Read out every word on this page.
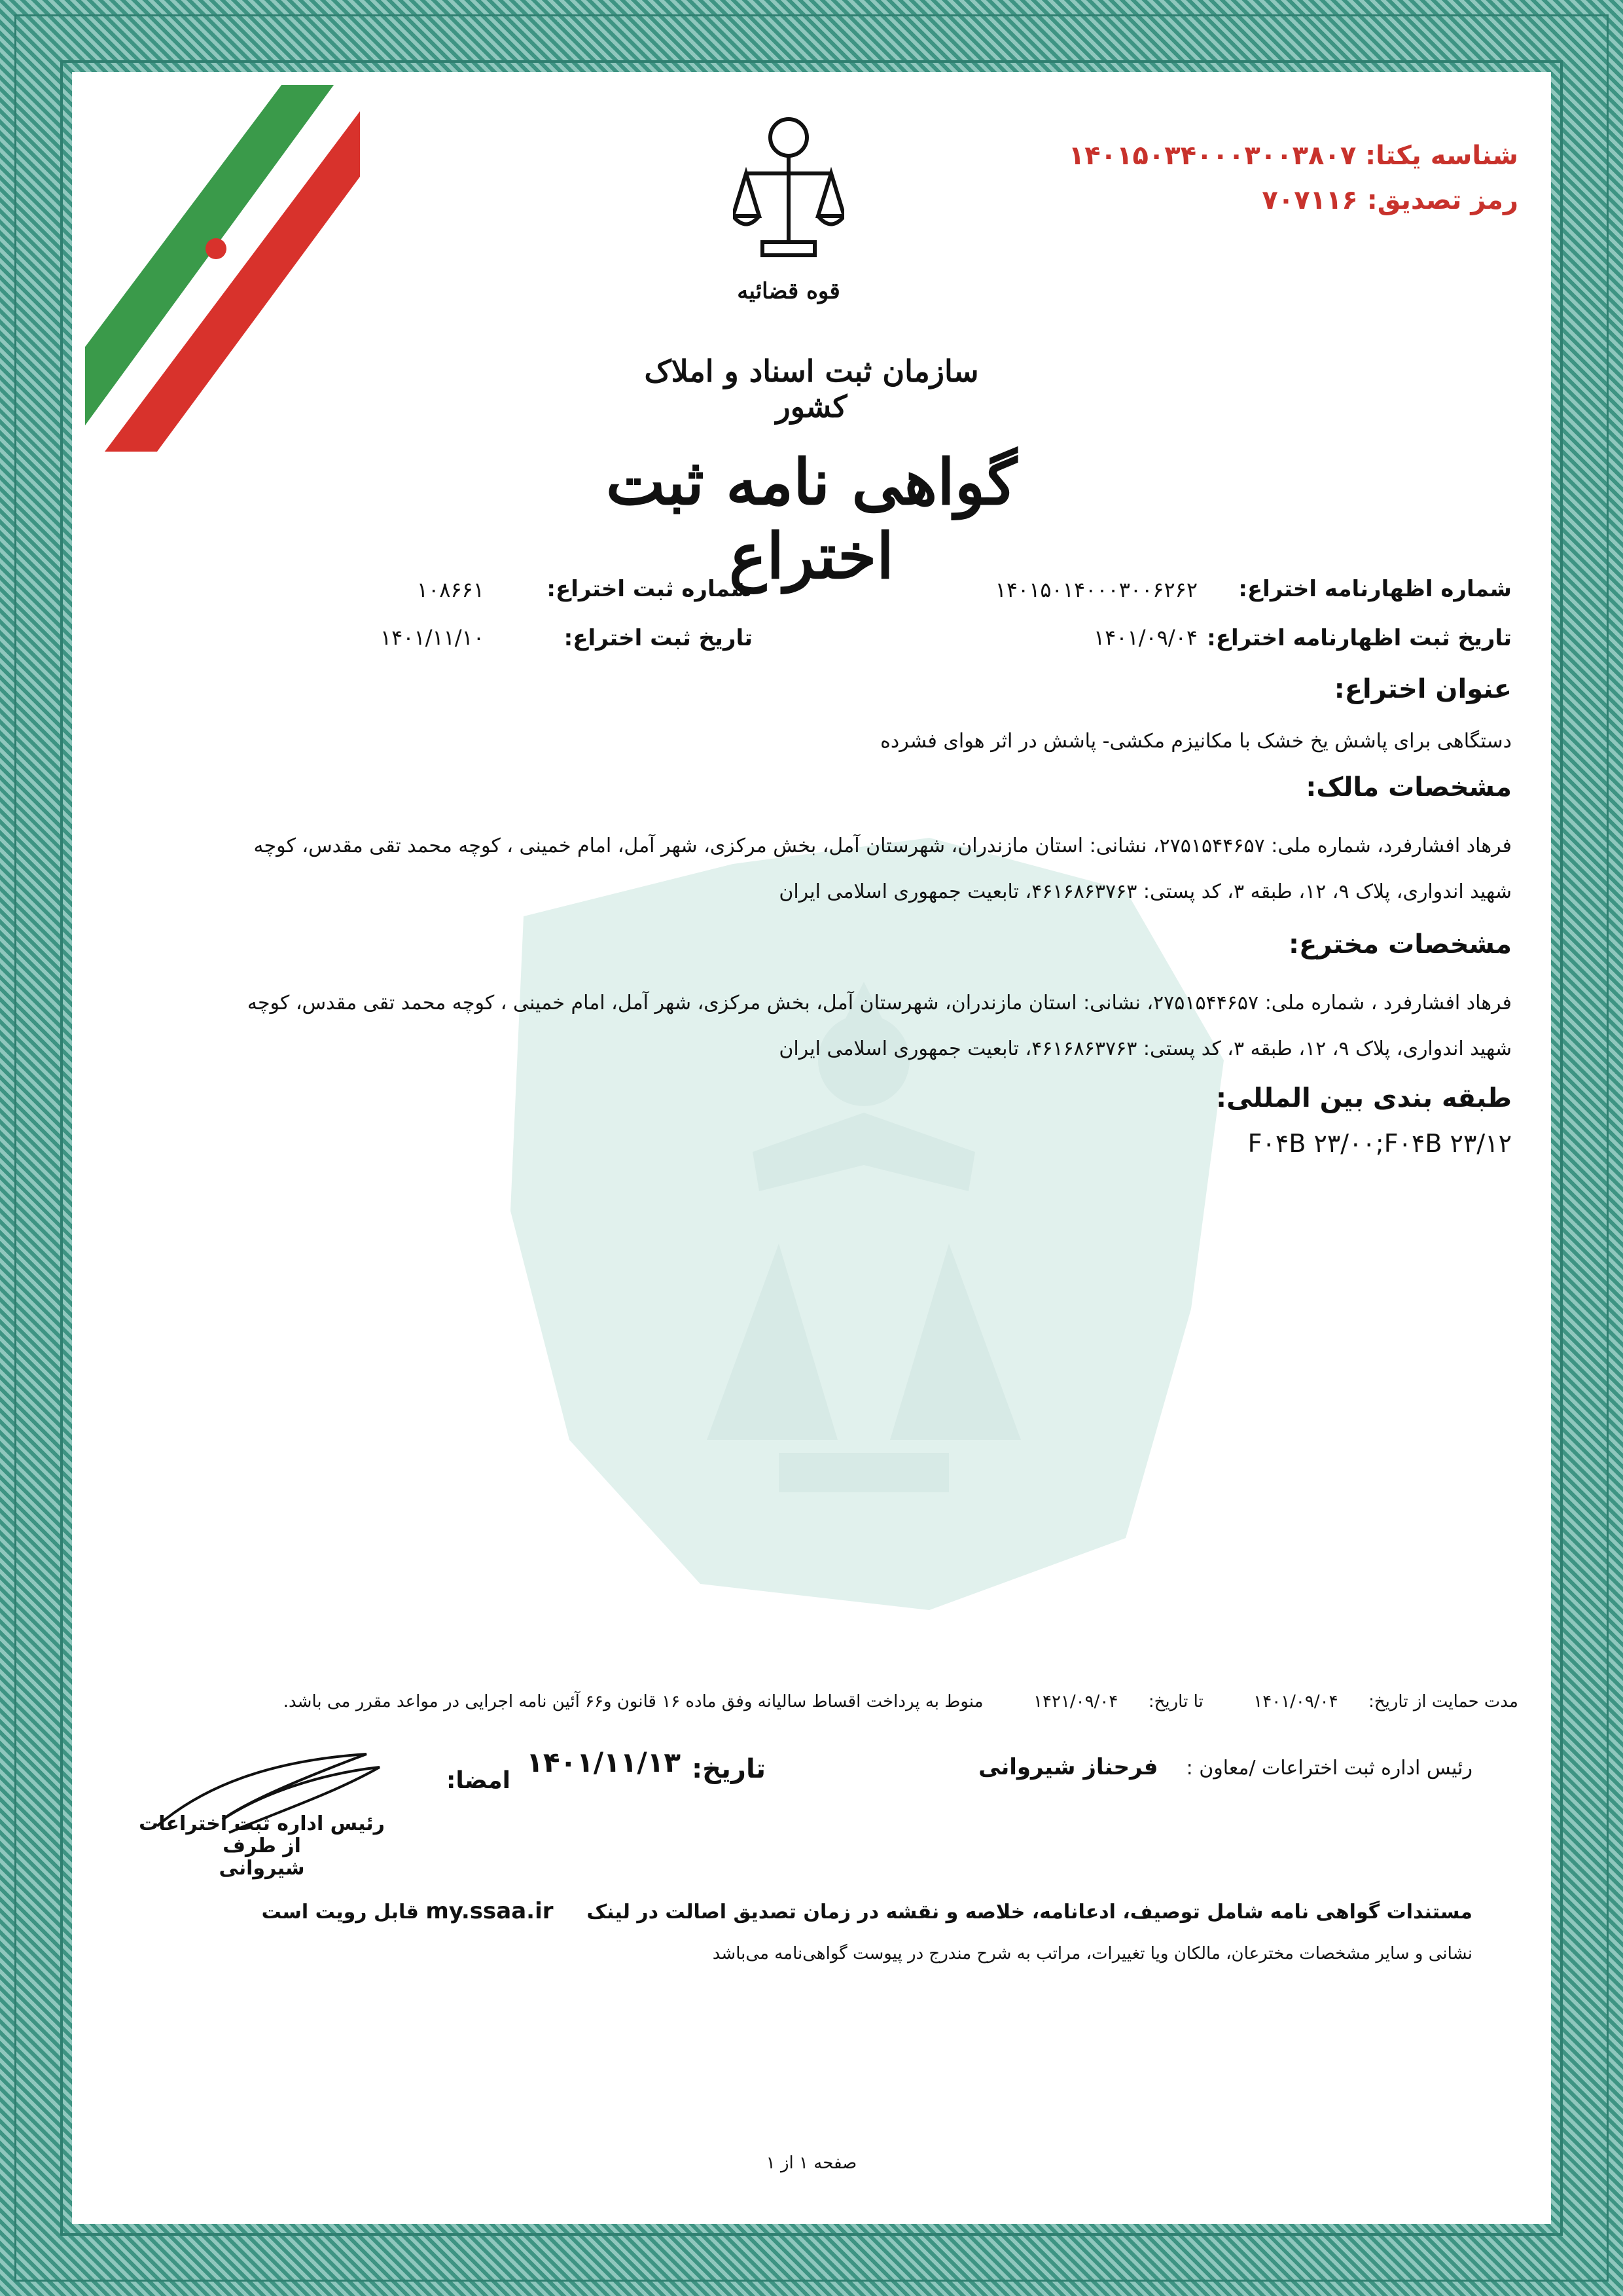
شناسه یکتا: ۱۴۰۱۵۰۳۴۰۰۰۳۰۰۳۸۰۷
رمز تصدیق: ۷۰۷۱۱۶
قوه قضائیه
سازمان ثبت اسناد و املاک کشور
گواهی نامه ثبت اختراع	شماره اظهارنامه اختراع:
۱۴۰۱۵۰۱۴۰۰۰۳۰۰۶۲۶۲
شماره ثبت اختراع:
۱۰۸۶۶۱
تاریخ ثبت اظهارنامه اختراع:
۱۴۰۱/۰۹/۰۴
تاریخ ثبت اختراع:
۱۴۰۱/۱۱/۱۰
عنوان اختراع:
دستگاهی برای پاشش یخ خشک با مکانیزم مکشی- پاشش در اثر هوای فشرده
مشخصات مالک:
فرهاد افشارفرد، شماره ملی: ۲۷۵۱۵۴۴۶۵۷، نشانی: استان مازندران، شهرستان آمل، بخش مرکزی، شهر آمل، امام خمینی ، کوچه محمد تقی مقدس، کوچه
شهید اندواری، پلاک ۹، ۱۲، طبقه ۳، کد پستی: ۴۶۱۶۸۶۳۷۶۳، تابعیت جمهوری اسلامی ایران
مشخصات مخترع:
فرهاد افشارفرد ، شماره ملی: ۲۷۵۱۵۴۴۶۵۷، نشانی: استان مازندران، شهرستان آمل، بخش مرکزی، شهر آمل، امام خمینی ، کوچه محمد تقی مقدس، کوچه
شهید اندواری، پلاک ۹، ۱۲، طبقه ۳، کد پستی: ۴۶۱۶۸۶۳۷۶۳، تابعیت جمهوری اسلامی ایران
طبقه بندی بین المللی:
F۰۴B ۲۳/۰۰;F۰۴B ۲۳/۱۲
مدت حمایت از تاریخ:  ۱۴۰۱/۰۹/۰۴  تا تاریخ:  ۱۴۲۱/۰۹/۰۴  منوط به پرداخت اقساط سالیانه وفق ماده ۱۶ قانون و۶۶ آئین نامه اجرایی در مواعد مقرر می باشد.
رئیس اداره ثبت اختراعات /معاون :  فرحناز شیروانی
تاریخ:
۱۴۰۱/۱۱/۱۳
امضا:
رئیس اداره ثبت اختراعات
از طرف
شیروانی
مستندات گواهی نامه شامل توصیف، ادعانامه، خلاصه و نقشه در زمان تصدیق اصالت در لینک  my.ssaa.ir قابل رویت است
نشانی و سایر مشخصات مخترعان، مالکان ویا تغییرات، مراتب به شرح مندرج در پیوست گواهی‌نامه می‌باشد
صفحه ۱ از ۱
